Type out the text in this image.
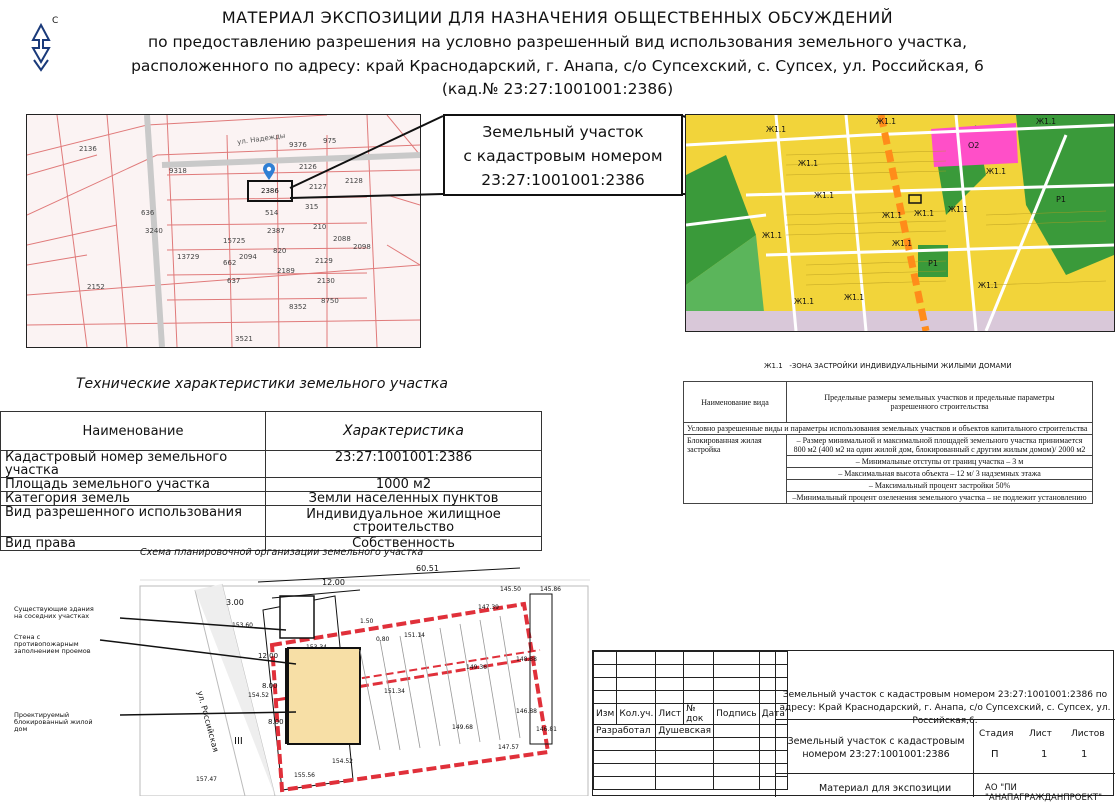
С	МАТЕРИАЛ ЭКСПОЗИЦИИ ДЛЯ НАЗНАЧЕНИЯ ОБЩЕСТВЕННЫХ ОБСУЖДЕНИЙ
по предоставлению разрешения на условно разрешенный вид использования земельного участка,
расположенного по адресу: край Краснодарский, г. Анапа, с/о Супсехский, с. Супсех, ул. Российская, 6
(кад.№ 23:27:1001001:2386)
ул. Надежды
2386
9376 975
2126
9318
2127
2128
636	514
315
3240	2387	210
15725	2088
2098
2094
820
2129
13729
662
2189
2130
637
8352
8750
3521
2136
2152
Земельный участок
с кадастровым номером
23:27:1001001:2386
Ж1.1
Ж1.1	Ж1.1
Ж1.1
Ж1.1
Ж1.1
Ж1.1 Ж1.1 Ж1.1
Ж1.1
Ж1.1
Ж1.1	Ж1.1
Ж1.1
О2
Р1
Р1
Технические характеристики земельного участка
Наименование	Характеристика
Кадастровый номер земельного участка	23:27:1001001:2386
Площадь земельного участка	1000 м2
Категория земель	Земли населенных пунктов
Вид разрешенного использования	Индивидуальное жилищное строительство
Вид права	Собственность
Ж1.1 -ЗОНА ЗАСТРОЙКИ ИНДИВИДУАЛЬНЫМИ ЖИЛЫМИ ДОМАМИ
Наименование вида	Предельные размеры земельных участков и предельные параметры разрешенного строительства
Условно разрешенные виды и параметры использования земельных участков и объектов капитального строительства	
Блокированная жилая застройка	– Размер минимальной и максимальной площадей земельного участка принимается 800 м2 (400 м2 на один жилой дом, блокированный с другим жилым домом)/ 2000 м2
	– Минимальные отступы от границ участка – 3 м
	– Максимальная высота объекта – 12 м/ 3 надземных этажа
	– Максимальный процент застройки 50%
	–Минимальный процент озеленения земельного участка – не подлежит установлению
Схема планировочной организации земельного участка
Существующие здания на соседних участках
Стена с противопожарным заполнением проемов
Проектируемый блокированный жилой дом	ул. Российская III
60.51
12.00
3.00
12.00
8.00
8.00
1.50
0.80
145.86
147.39
151.14
153.34
149.36
151.34
148.38
146.88
145.50
153.60
149.68
147.57
146.81
157.47
155.56
154.52
154.52

Изм	Кол.уч.	Лист	№ док	Подпись	Дата
Разработал		Душевская			

Земельный участок с кадастровым номером 23:27:1001001:2386 по адресу: Край Краснодарский, г. Анапа, с/о Супсехский, с. Супсех, ул. Российская,6.
Земельный участок с кадастровым номером 23:27:1001001:2386
Стадия Лист Листов
П	1	1
Материал для экспозиции	АО "ПИ "АНАПАГРАЖДАНПРОЕКТ"
